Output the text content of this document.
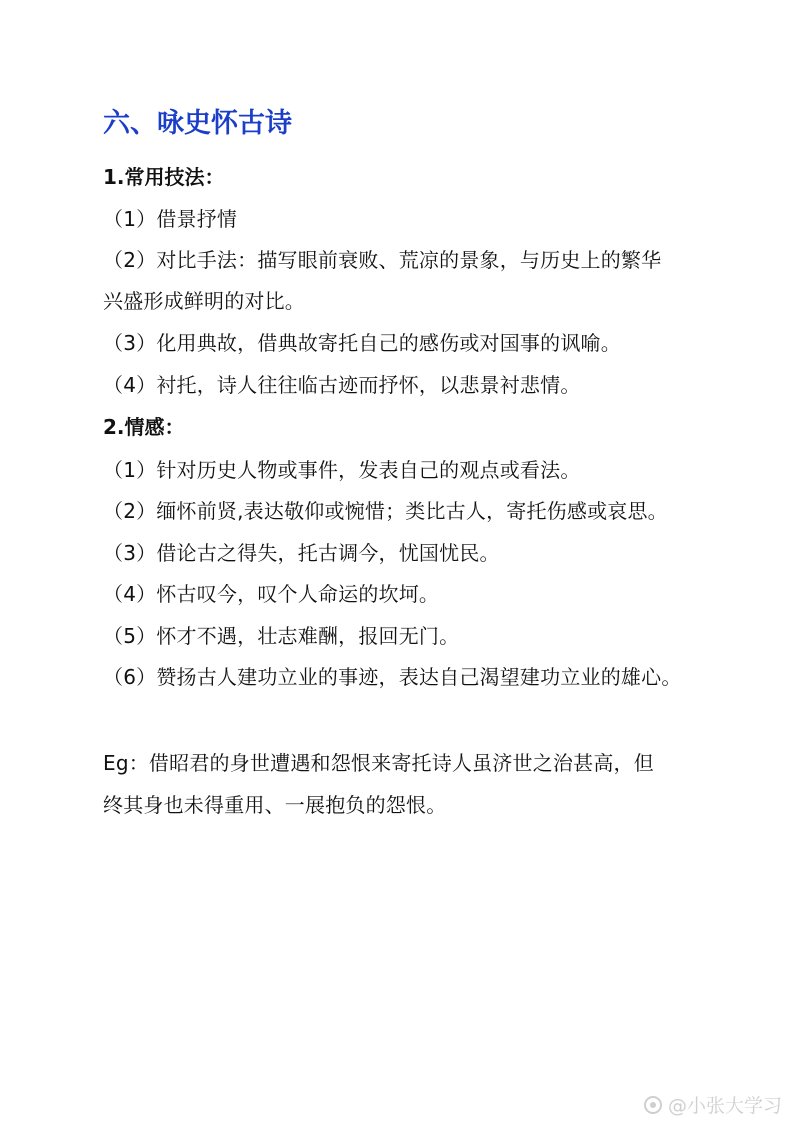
六、咏史怀古诗
1.常用技法：
（1）借景抒情
（2）对比手法：描写眼前衰败、荒凉的景象，与历史上的繁华
兴盛形成鲜明的对比。
（3）化用典故，借典故寄托自己的感伤或对国事的讽喻。
（4）衬托，诗人往往临古迹而抒怀，以悲景衬悲情。
2.情感：
（1）针对历史人物或事件，发表自己的观点或看法。
（2）缅怀前贤,表达敬仰或惋惜；类比古人，寄托伤感或哀思。
（3）借论古之得失，托古调今，忧国忧民。
（4）怀古叹今，叹个人命运的坎坷。
（5）怀才不遇，壮志难酬，报回无门。
（6）赞扬古人建功立业的事迹，表达自己渴望建功立业的雄心。
Eg：借昭君的身世遭遇和怨恨来寄托诗人虽济世之治甚高，但
终其身也未得重用、一展抱负的怨恨。
@小张大学习
